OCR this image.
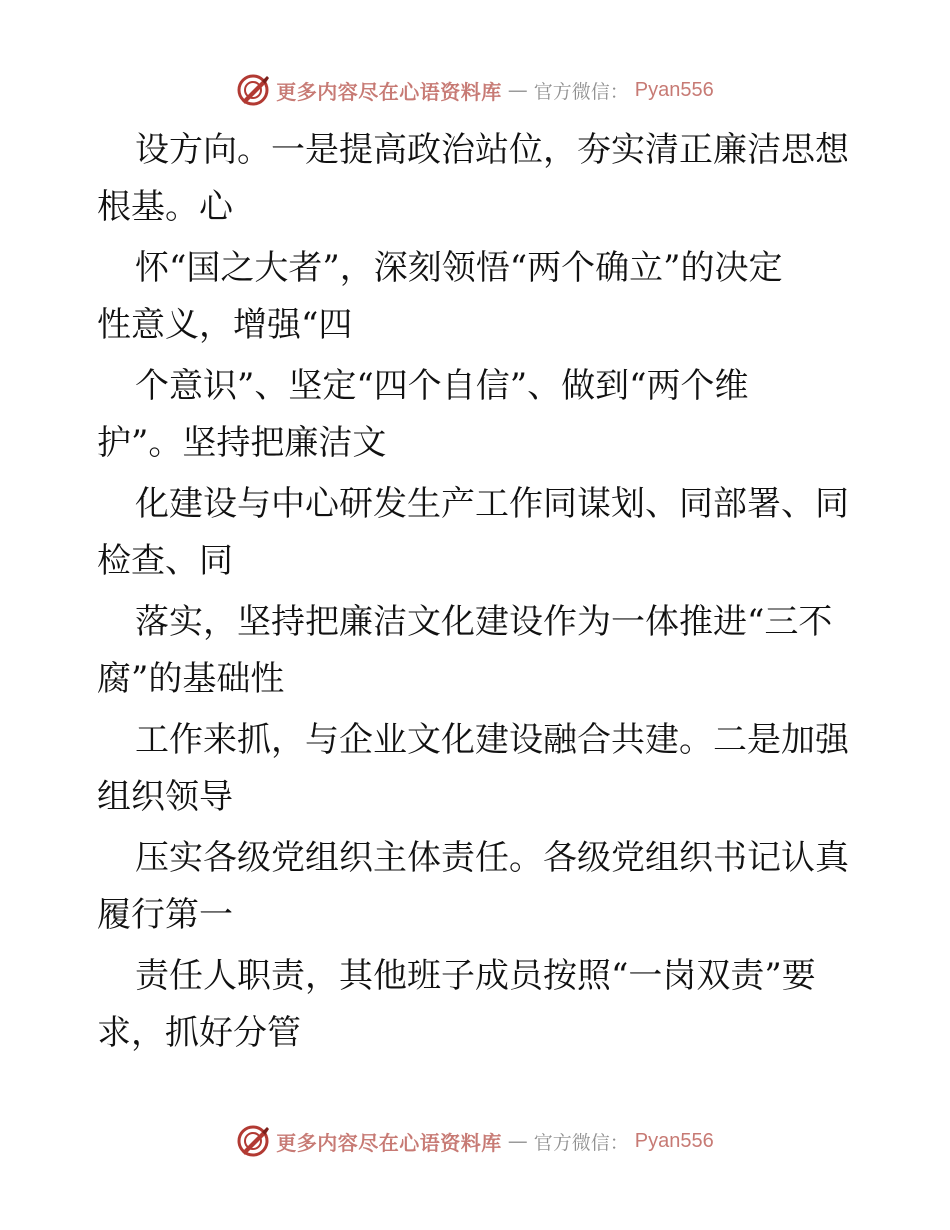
更多内容尽在心语资料库 — 官方微信： Pyan556
设方向。一是提高政治站位，夯实清正廉洁思想
根基。心
怀“国之大者”，深刻领悟“两个确立”的决定
性意义，增强“四
个意识”、坚定“四个自信”、做到“两个维
护”。坚持把廉洁文
化建设与中心研发生产工作同谋划、同部署、同
检查、同
落实，坚持把廉洁文化建设作为一体推进“三不
腐”的基础性
工作来抓，与企业文化建设融合共建。二是加强
组织领导
压实各级党组织主体责任。各级党组织书记认真
履行第一
责任人职责，其他班子成员按照“一岗双责”要
求，抓好分管
更多内容尽在心语资料库 — 官方微信： Pyan556
